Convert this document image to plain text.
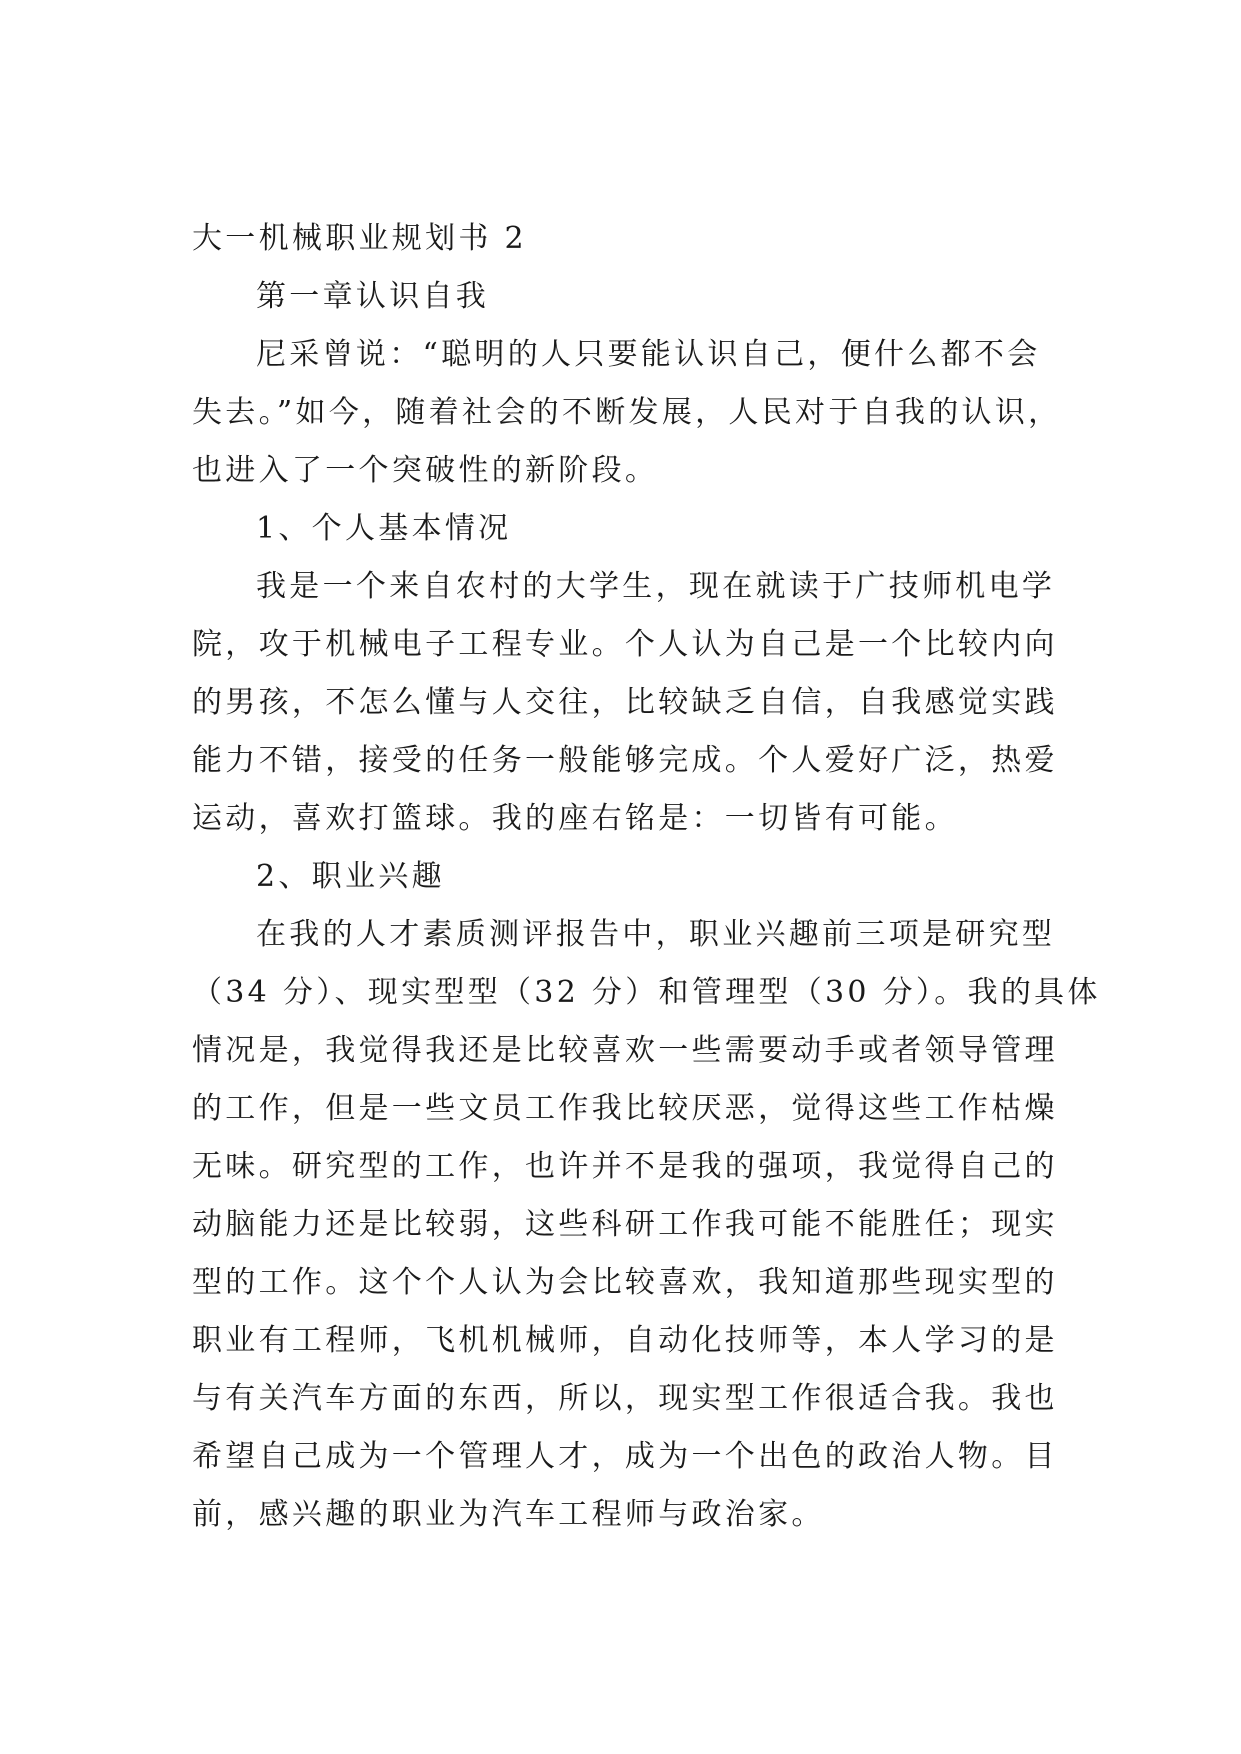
大一机械职业规划书 2
第一章认识自我
尼采曾说：“聪明的人只要能认识自己，便什么都不会
失去。”如今，随着社会的不断发展，人民对于自我的认识，
也进入了一个突破性的新阶段。
1、个人基本情况
我是一个来自农村的大学生，现在就读于广技师机电学
院，攻于机械电子工程专业。个人认为自己是一个比较内向
的男孩，不怎么懂与人交往，比较缺乏自信，自我感觉实践
能力不错，接受的任务一般能够完成。个人爱好广泛，热爱
运动，喜欢打篮球。我的座右铭是：一切皆有可能。
2、职业兴趣
在我的人才素质测评报告中，职业兴趣前三项是研究型
（34 分）、现实型型（32 分）和管理型（30 分）。我的具体
情况是，我觉得我还是比较喜欢一些需要动手或者领导管理
的工作，但是一些文员工作我比较厌恶，觉得这些工作枯燥
无味。研究型的工作，也许并不是我的强项，我觉得自己的
动脑能力还是比较弱，这些科研工作我可能不能胜任；现实
型的工作。这个个人认为会比较喜欢，我知道那些现实型的
职业有工程师，飞机机械师，自动化技师等，本人学习的是
与有关汽车方面的东西，所以，现实型工作很适合我。我也
希望自己成为一个管理人才，成为一个出色的政治人物。目
前，感兴趣的职业为汽车工程师与政治家。
